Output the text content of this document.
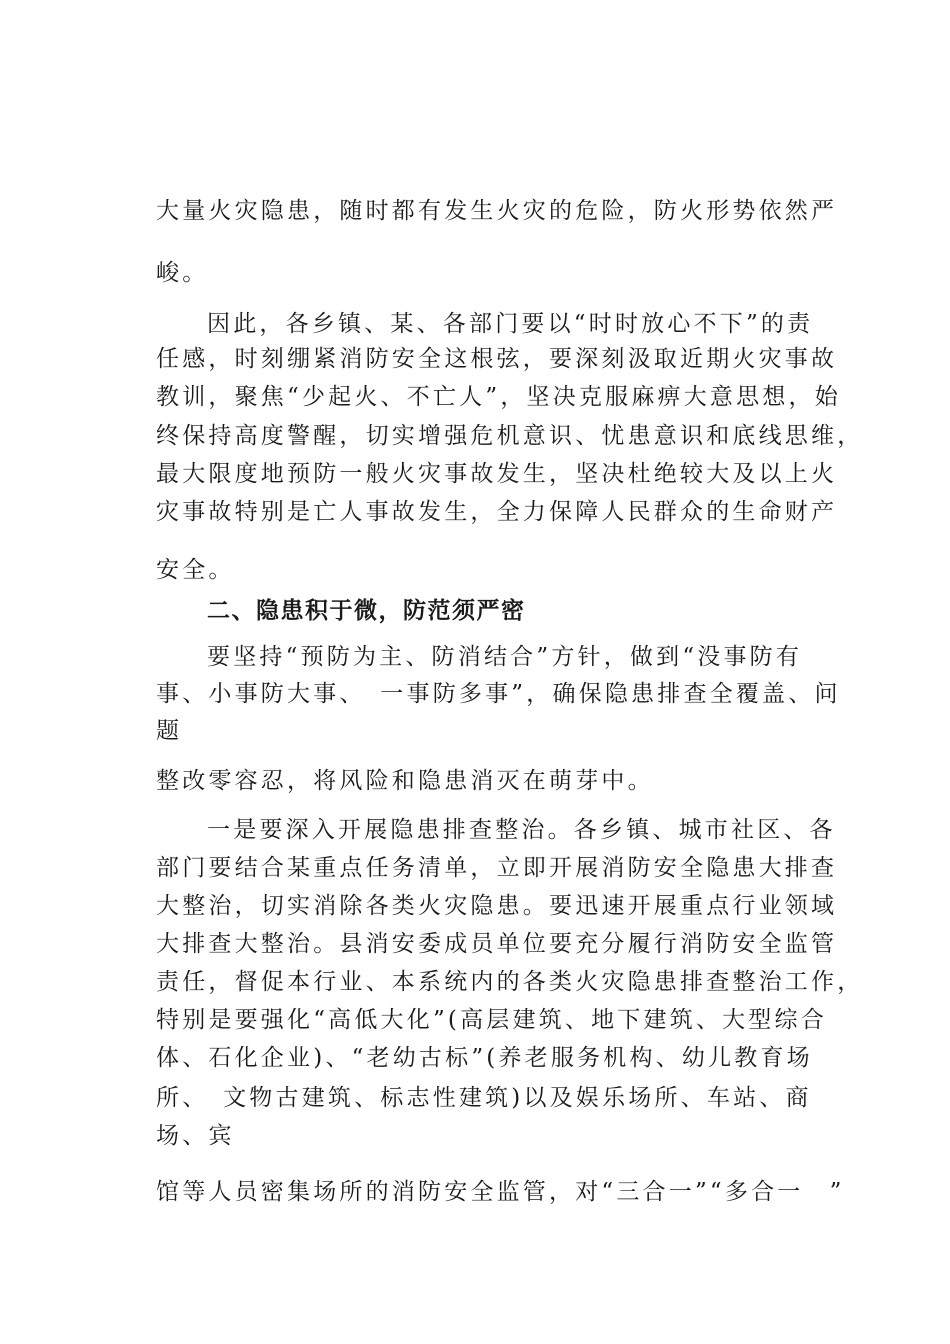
大量火灾隐患，随时都有发生火灾的危险，防火形势依然严
峻。
因此，各乡镇、某、各部门要以“时时放心不下”的责
任感，时刻绷紧消防安全这根弦，要深刻汲取近期火灾事故
教训，聚焦“少起火、不亡人”，坚决克服麻痹大意思想，始
终保持高度警醒，切实增强危机意识、忧患意识和底线思维，
最大限度地预防一般火灾事故发生，坚决杜绝较大及以上火
灾事故特别是亡人事故发生，全力保障人民群众的生命财产
安全。
二、隐患积于微，防范须严密
要坚持“预防为主、防消结合”方针，做到“没事防有
事、小事防大事、　一事防多事”，确保隐患排查全覆盖、问
题
整改零容忍，将风险和隐患消灭在萌芽中。
一是要深入开展隐患排查整治。各乡镇、城市社区、各
部门要结合某重点任务清单，立即开展消防安全隐患大排查
大整治，切实消除各类火灾隐患。要迅速开展重点行业领域
大排查大整治。县消安委成员单位要充分履行消防安全监管
责任，督促本行业、本系统内的各类火灾隐患排查整治工作，
特别是要强化“高低大化”(高层建筑、地下建筑、大型综合
体、石化企业)、“老幼古标”(养老服务机构、幼儿教育场
所、　文物古建筑、标志性建筑)以及娱乐场所、车站、商
场、宾
馆等人员密集场所的消防安全监管，对“三合一”“多合一　”
